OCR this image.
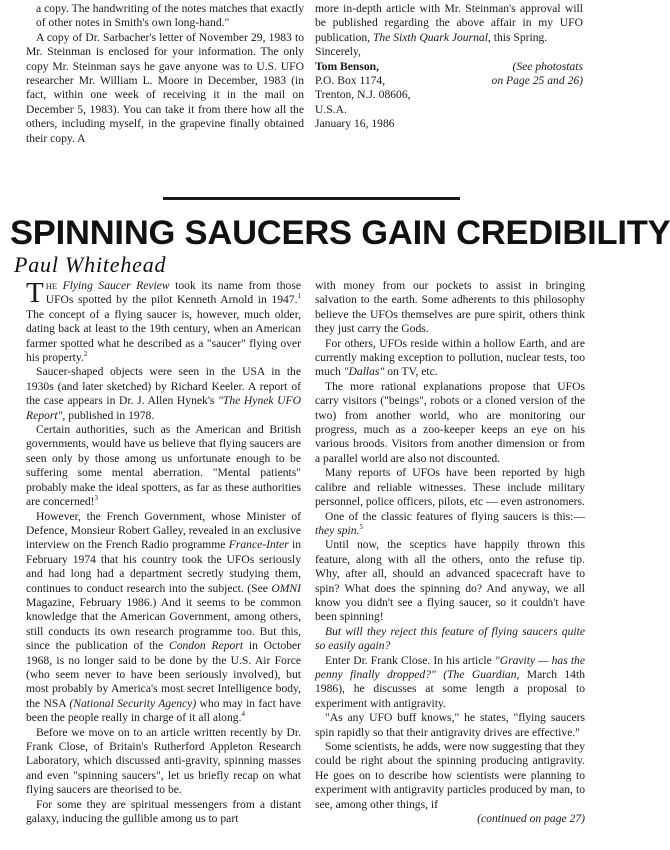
a copy. The handwriting of the notes matches that exactly of other notes in Smith's own long-hand."

A copy of Dr. Sarbacher's letter of November 29, 1983 to Mr. Steinman is enclosed for your information. The only copy Mr. Steinman says he gave anyone was to U.S. UFO researcher Mr. William L. Moore in December, 1983 (in fact, within one week of receiving it in the mail on December 5, 1983). You can take it from there how all the others, including myself, in the grapevine finally obtained their copy. A

more in-depth article with Mr. Steinman's approval will be published regarding the above affair in my UFO publication, The Sixth Quark Journal, this Spring.

Sincerely,
Tom Benson,	(See photostats
P.O. Box 1174,	on Page 25 and 26)
Trenton, N.J. 08606,
U.S.A.
January 16, 1986
SPINNING SAUCERS GAIN CREDIBILITY
Paul Whitehead

THE Flying Saucer Review took its name from those UFOs spotted by the pilot Kenneth Arnold in 1947.$^1$ The concept of a flying saucer is, however, much older, dating back at least to the 19th century, when an American farmer spotted what he described as a "saucer" flying over his property.$^2$

Saucer-shaped objects were seen in the USA in the 1930s (and later sketched) by Richard Keeler. A report of the case appears in Dr. J. Allen Hynek's "The Hynek UFO Report", published in 1978.

Certain authorities, such as the American and British governments, would have us believe that flying saucers are seen only by those among us unfortunate enough to be suffering some mental aberration. "Mental patients" probably make the ideal spotters, as far as these authorities are concerned!$^3$

However, the French Government, whose Minister of Defence, Monsieur Robert Galley, revealed in an exclusive interview on the French Radio programme France-Inter in February 1974 that his country took the UFOs seriously and had long had a department secretly studying them, continues to conduct research into the subject. (See OMNI Magazine, February 1986.) And it seems to be common knowledge that the American Government, among others, still conducts its own research programme too. But this, since the publication of the Condon Report in October 1968, is no longer said to be done by the U.S. Air Force (who seem never to have been seriously involved), but most probably by America's most secret Intelligence body, the NSA (National Security Agency) who may in fact have been the people really in charge of it all along.$^4$

Before we move on to an article written recently by Dr. Frank Close, of Britain's Rutherford Appleton Research Laboratory, which discussed anti-gravity, spinning masses and even "spinning saucers", let us briefly recap on what flying saucers are theorised to be.

For some they are spiritual messengers from a distant galaxy, inducing the gullible among us to part

with money from our pockets to assist in bringing salvation to the earth. Some adherents to this philosophy believe the UFOs themselves are pure spirit, others think they just carry the Gods.

For others, UFOs reside within a hollow Earth, and are currently making exception to pollution, nuclear tests, too much "Dallas" on TV, etc.

The more rational explanations propose that UFOs carry visitors ("beings", robots or a cloned version of the two) from another world, who are monitoring our progress, much as a zoo-keeper keeps an eye on his various broods. Visitors from another dimension or from a parallel world are also not discounted.

Many reports of UFOs have been reported by high calibre and reliable witnesses. These include military personnel, police officers, pilots, etc — even astronomers.

One of the classic features of flying saucers is this:— they spin.$^5$

Until now, the sceptics have happily thrown this feature, along with all the others, onto the refuse tip. Why, after all, should an advanced spacecraft have to spin? What does the spinning do? And anyway, we all know you didn't see a flying saucer, so it couldn't have been spinning!

But will they reject this feature of flying saucers quite so easily again?

Enter Dr. Frank Close. In his article "Gravity — has the penny finally dropped?" (The Guardian, March 14th 1986), he discusses at some length a proposal to experiment with antigravity.

"As any UFO buff knows," he states, "flying saucers spin rapidly so that their antigravity drives are effective."

Some scientists, he adds, were now suggesting that they could be right about the spinning producing antigravity. He goes on to describe how scientists were planning to experiment with antigravity particles produced by man, to see, among other things, if

(continued on page 27)
